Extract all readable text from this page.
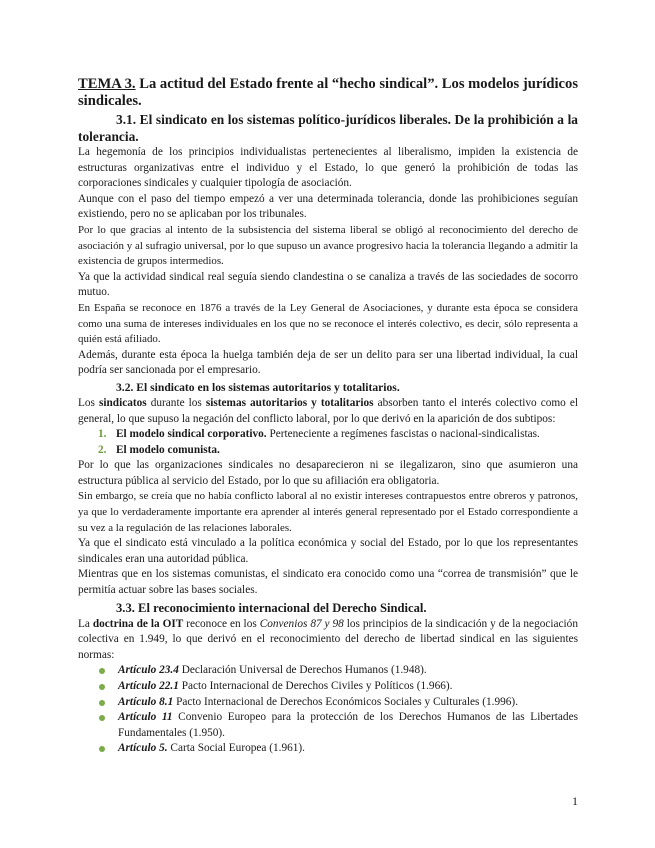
TEMA 3. La actitud del Estado frente al “hecho sindical”. Los modelos jurídicos sindicales.
3.1. El sindicato en los sistemas político-jurídicos liberales. De la prohibición a la tolerancia.

La hegemonía de los principios individualistas pertenecientes al liberalismo, impiden la existencia de estructuras organizativas entre el individuo y el Estado, lo que generó la prohibición de todas las corporaciones sindicales y cualquier tipología de asociación.

Aunque con el paso del tiempo empezó a ver una determinada tolerancia, donde las prohibiciones seguían existiendo, pero no se aplicaban por los tribunales.

Por lo que gracias al intento de la subsistencia del sistema liberal se obligó al reconocimiento del derecho de asociación y al sufragio universal, por lo que supuso un avance progresivo hacia la tolerancia llegando a admitir la existencia de grupos intermedios.

Ya que la actividad sindical real seguía siendo clandestina o se canaliza a través de las sociedades de socorro mutuo.

En España se reconoce en 1876 a través de la Ley General de Asociaciones, y durante esta época se considera como una suma de intereses individuales en los que no se reconoce el interés colectivo, es decir, sólo representa a quién está afiliado.

Además, durante esta época la huelga también deja de ser un delito para ser una libertad individual, la cual podría ser sancionada por el empresario.

3.2. El sindicato en los sistemas autoritarios y totalitarios.

Los sindicatos durante los sistemas autoritarios y totalitarios absorben tanto el interés colectivo como el general, lo que supuso la negación del conflicto laboral, por lo que derivó en la aparición de dos subtipos:

1. El modelo sindical corporativo. Perteneciente a regímenes fascistas o nacional-sindicalistas.
2. El modelo comunista.

Por lo que las organizaciones sindicales no desaparecieron ni se ilegalizaron, sino que asumieron una estructura pública al servicio del Estado, por lo que su afiliación era obligatoria.

Sin embargo, se creía que no había conflicto laboral al no existir intereses contrapuestos entre obreros y patronos, ya que lo verdaderamente importante era aprender al interés general representado por el Estado correspondiente a su vez a la regulación de las relaciones laborales.

Ya que el sindicato está vinculado a la política económica y social del Estado, por lo que los representantes sindicales eran una autoridad pública.

Mientras que en los sistemas comunistas, el sindicato era conocido como una “correa de transmisión” que le permitía actuar sobre las bases sociales.

3.3. El reconocimiento internacional del Derecho Sindical.

La doctrina de la OIT reconoce en los Convenios 87 y 98 los principios de la sindicación y de la negociación colectiva en 1.949, lo que derivó en el reconocimiento del derecho de libertad sindical en las siguientes normas:

Artículo 23.4 Declaración Universal de Derechos Humanos (1.948).
Artículo 22.1 Pacto Internacional de Derechos Civiles y Políticos (1.966).
Artículo 8.1 Pacto Internacional de Derechos Económicos Sociales y Culturales (1.996).
Artículo 11 Convenio Europeo para la protección de los Derechos Humanos de las Libertades Fundamentales (1.950).
Artículo 5. Carta Social Europea (1.961).
1
